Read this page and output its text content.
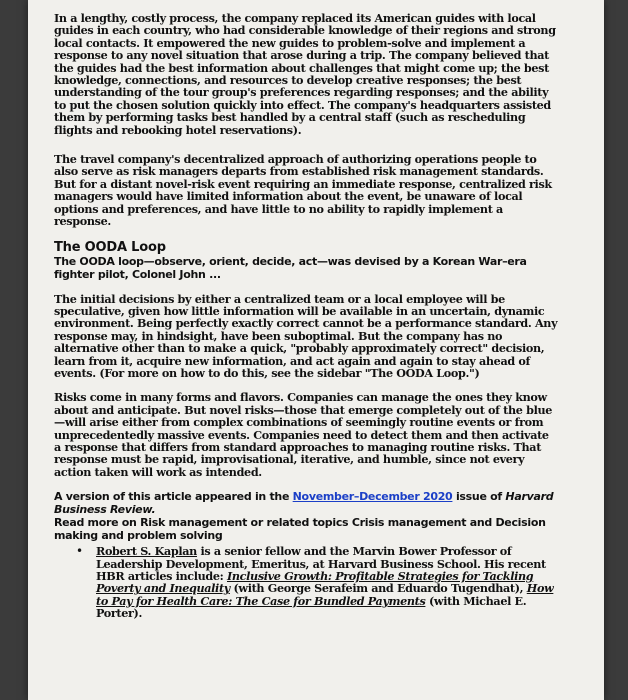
In a lengthy, costly process, the company replaced its American guides with local guides in each country, who had considerable knowledge of their regions and strong local contacts. It empowered the new guides to problem-solve and implement a response to any novel situation that arose during a trip. The company believed that the guides had the best information about challenges that might come up; the best knowledge, connections, and resources to develop creative responses; the best understanding of the tour group's preferences regarding responses; and the ability to put the chosen solution quickly into effect. The company's headquarters assisted them by performing tasks best handled by a central staff (such as rescheduling flights and rebooking hotel reservations).

The travel company's decentralized approach of authorizing operations people to also serve as risk managers departs from established risk management standards. But for a distant novel-risk event requiring an immediate response, centralized risk managers would have limited information about the event, be unaware of local options and preferences, and have little to no ability to rapidly implement a response.

The OODA Loop

The OODA loop—observe, orient, decide, act—was devised by a Korean War–era fighter pilot, Colonel John ...

The initial decisions by either a centralized team or a local employee will be speculative, given how little information will be available in an uncertain, dynamic environment. Being perfectly exactly correct cannot be a performance standard. Any response may, in hindsight, have been suboptimal. But the company has no alternative other than to make a quick, "probably approximately correct" decision, learn from it, acquire new information, and act again and again to stay ahead of events. (For more on how to do this, see the sidebar "The OODA Loop.")

Risks come in many forms and flavors. Companies can manage the ones they know about and anticipate. But novel risks—those that emerge completely out of the blue—will arise either from complex combinations of seemingly routine events or from unprecedentedly massive events. Companies need to detect them and then activate a response that differs from standard approaches to managing routine risks. That response must be rapid, improvisational, iterative, and humble, since not every action taken will work as intended.

A version of this article appeared in the November–December 2020 issue of Harvard Business Review.

Read more on Risk management or related topics Crisis management and Decision making and problem solving

•	Robert S. Kaplan is a senior fellow and the Marvin Bower Professor of Leadership Development, Emeritus, at Harvard Business School. His recent HBR articles include: Inclusive Growth: Profitable Strategies for Tackling Poverty and Inequality (with George Serafeim and Eduardo Tugendhat), How to Pay for Health Care: The Case for Bundled Payments (with Michael E. Porter).
